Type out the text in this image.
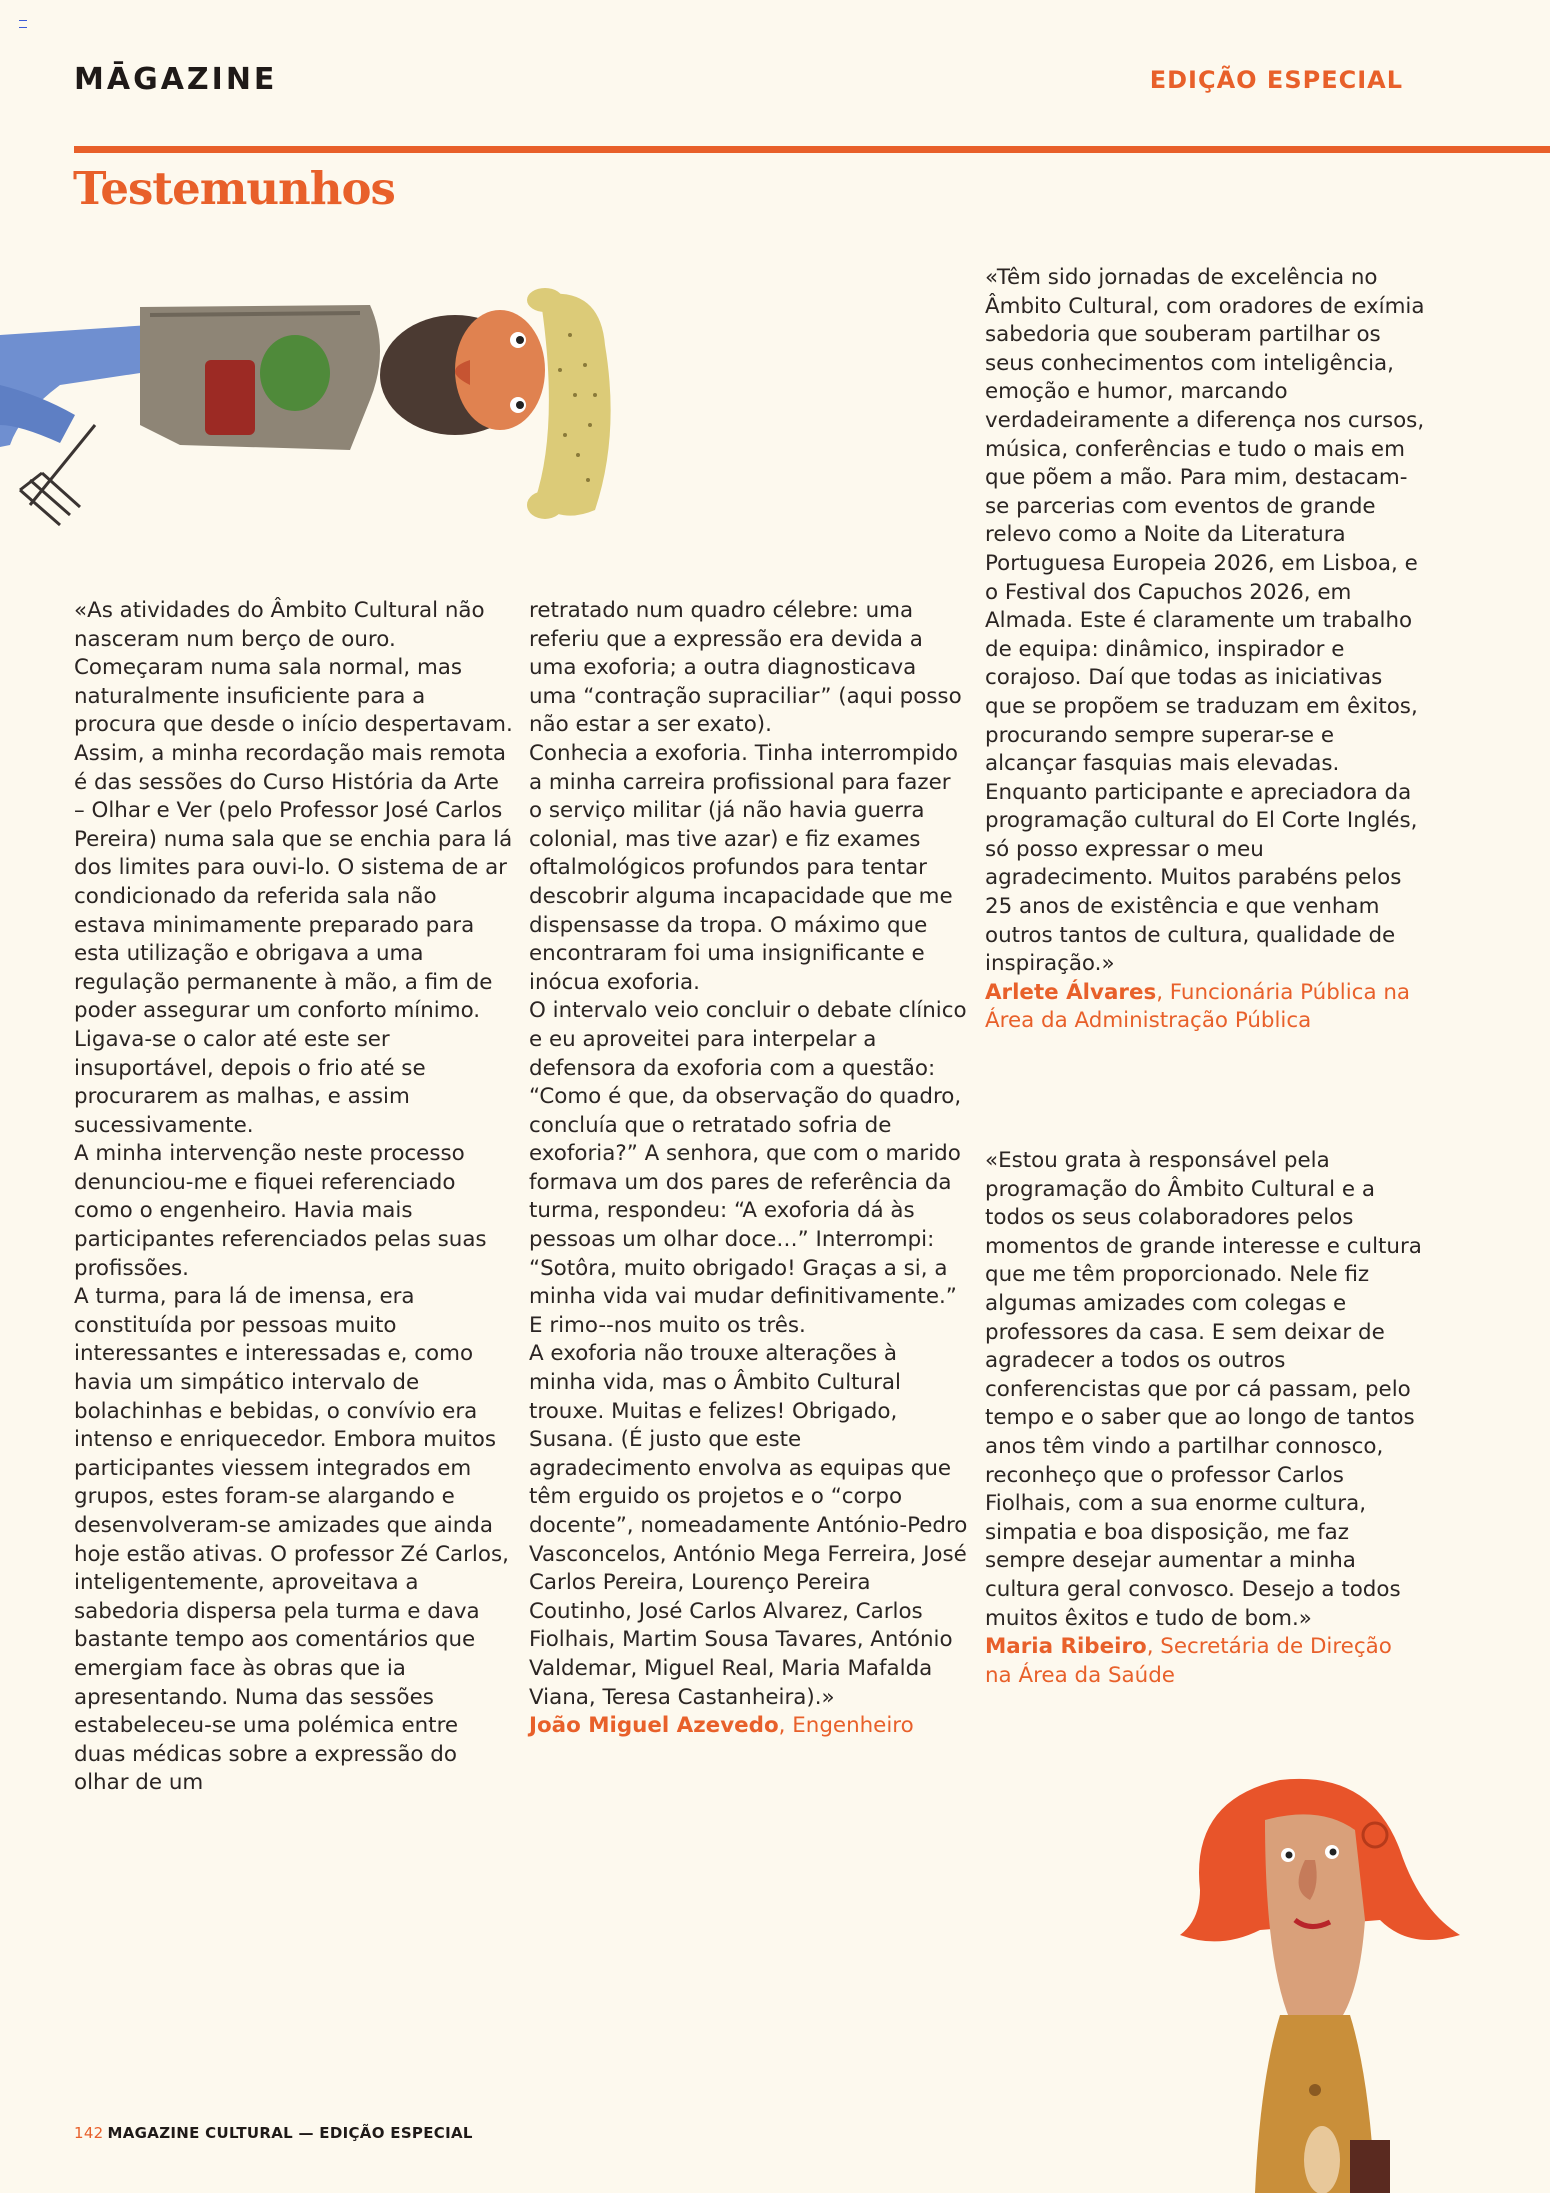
MĀGAZINE	EDIÇÃO ESPECIAL
Testemunhos

«As atividades do Âmbito Cultural não nasceram num berço de ouro. Começaram numa sala normal, mas naturalmente insuficiente para a procura que desde o início despertavam. Assim, a minha recordação mais remota é das sessões do Curso História da Arte – Olhar e Ver (pelo Professor José Carlos Pereira) numa sala que se enchia para lá dos limites para ouvi-lo. O sistema de ar condicionado da referida sala não estava minimamente preparado para esta utilização e obrigava a uma regulação permanente à mão, a fim de poder assegurar um conforto mínimo. Ligava-se o calor até este ser insuportável, depois o frio até se procurarem as malhas, e assim sucessivamente.

A minha intervenção neste processo denunciou-me e fiquei referenciado como o engenheiro. Havia mais participantes referenciados pelas suas profissões.

A turma, para lá de imensa, era constituída por pessoas muito interessantes e interessadas e, como havia um simpático intervalo de bolachinhas e bebidas, o convívio era intenso e enriquecedor. Embora muitos participantes viessem integrados em grupos, estes foram-se alargando e desenvolveram-se amizades que ainda hoje estão ativas. O professor Zé Carlos, inteligentemente, aproveitava a sabedoria dispersa pela turma e dava bastante tempo aos comentários que emergiam face às obras que ia apresentando. Numa das sessões estabeleceu-se uma polémica entre duas médicas sobre a expressão do olhar de um

retratado num quadro célebre: uma referiu que a expressão era devida a uma exoforia; a outra diagnosticava uma “contração supraciliar” (aqui posso não estar a ser exato).

Conhecia a exoforia. Tinha interrompido a minha carreira profissional para fazer o serviço militar (já não havia guerra colonial, mas tive azar) e fiz exames oftalmológicos profundos para tentar descobrir alguma incapacidade que me dispensasse da tropa. O máximo que encontraram foi uma insignificante e inócua exoforia.

O intervalo veio concluir o debate clínico e eu aproveitei para interpelar a defensora da exoforia com a questão: “Como é que, da observação do quadro, concluía que o retratado sofria de exoforia?” A senhora, que com o marido formava um dos pares de referência da turma, respondeu: “A exoforia dá às pessoas um olhar doce…” Interrompi: “Sotôra, muito obrigado! Graças a si, a minha vida vai mudar definitivamente.” E rimo--nos muito os três.

A exoforia não trouxe alterações à minha vida, mas o Âmbito Cultural trouxe. Muitas e felizes! Obrigado, Susana. (É justo que este agradecimento envolva as equipas que têm erguido os projetos e o “corpo docente”, nomeadamente António-Pedro Vasconcelos, António Mega Ferreira, José Carlos Pereira, Lourenço Pereira Coutinho, José Carlos Alvarez, Carlos Fiolhais, Martim Sousa Tavares, António Valdemar, Miguel Real, Maria Mafalda Viana, Teresa Castanheira).»

João Miguel Azevedo, Engenheiro

«Têm sido jornadas de excelência no Âmbito Cultural, com oradores de exímia sabedoria que souberam partilhar os seus conhecimentos com inteligência, emoção e humor, marcando verdadeiramente a diferença nos cursos, música, conferências e tudo o mais em que põem a mão. Para mim, destacam-se parcerias com eventos de grande relevo como a Noite da Literatura Portuguesa Europeia 2026, em Lisboa, e o Festival dos Capuchos 2026, em Almada. Este é claramente um trabalho de equipa: dinâmico, inspirador e corajoso. Daí que todas as iniciativas que se propõem se traduzam em êxitos, procurando sempre superar-se e alcançar fasquias mais elevadas. Enquanto participante e apreciadora da programação cultural do El Corte Inglés, só posso expressar o meu agradecimento. Muitos parabéns pelos 25 anos de existência e que venham outros tantos de cultura, qualidade de inspiração.»

Arlete Álvares, Funcionária Pública na Área da Administração Pública

«Estou grata à responsável pela programação do Âmbito Cultural e a todos os seus colaboradores pelos momentos de grande interesse e cultura que me têm proporcionado. Nele fiz algumas amizades com colegas e professores da casa. E sem deixar de agradecer a todos os outros conferencistas que por cá passam, pelo tempo e o saber que ao longo de tantos anos têm vindo a partilhar connosco, reconheço que o professor Carlos Fiolhais, com a sua enorme cultura, simpatia e boa disposição, me faz sempre desejar aumentar a minha cultura geral convosco. Desejo a todos muitos êxitos e tudo de bom.»

Maria Ribeiro, Secretária de Direção na Área da Saúde

142 MAGAZINE CULTURAL — EDIÇÃO ESPECIAL
